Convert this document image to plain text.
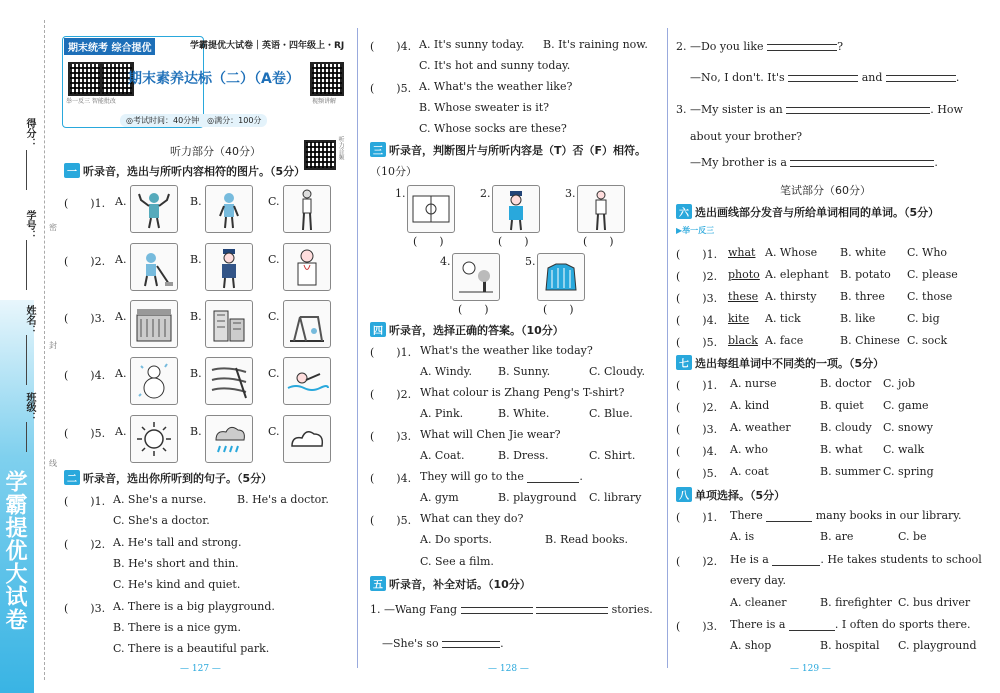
学霸提优大试卷
得分：
学号：
姓名：
班级：
密
封
线
期末统考 综合提优	学霸提优大试卷｜英语・四年级上・RJ
举一反三 智能批改
期末素养达标（二）（A卷）
视频讲解
◎考试时间：40分钟　◎满分：100分
听力音频
听力部分（40分）
一 听录音，选出与所听内容相符的图片。（5分）
(　　)1. A.	B.	C.
(　　)2. A.	B.	C.
(　　)3. A.	B.	C.
(　　)4. A.	B.	C.
(　　)5. A.	B.	C.
二 听录音，选出你所听到的句子。（5分）
(　　)1. A. She's a nurse.	B. He's a doctor.
C. She's a doctor.
(　　)2. A. He's tall and strong.
B. He's short and thin.
C. He's kind and quiet.
(　　)3. A. There is a big playground.
B. There is a nice gym.
C. There is a beautiful park.
— 127 —
(　　)4. A. It's sunny today. B. It's raining now.
C. It's hot and sunny today.
(　　)5. A. What's the weather like?
B. Whose sweater is it?
C. Whose socks are these?
三 听录音，判断图片与所听内容是（T）否（F）相符。
（10分）
1.
(　　)
2.
(　　)
3.
(　　)
4.
(　　)
5.
(　　)
四 听录音，选择正确的答案。（10分）
(　　)1. What's the weather like today?
A. Windy. B. Sunny.	C. Cloudy.
(　　)2. What colour is Zhang Peng's T-shirt?
A. Pink.	B. White.	C. Blue.
(　　)3. What will Chen Jie wear?
A. Coat.	B. Dress.	C. Shirt.
(　　)4. They will go to the	.
A. gym	B. playground C. library
(　　)5. What can they do?
A. Do sports.	B. Read books.
C. See a film.
五 听录音，补全对话。（10分）
1. —Wang Fang	stories.
—She's so	.
— 128 —
2. —Do you like	?
—No, I don't. It's	and	.
3. —My sister is an	. How
about your brother?
—My brother is a	.
笔试部分（60分）
六 选出画线部分发音与所给单词相同的单词。（5分）
▶举一反三
(　　)1. what A. Whose B. white C. Who
(　　)2. photo A. elephant B. potato C. please
(　　)3. these A. thirsty B. three C. those
(　　)4. kite A. tick	B. like	C. big
(　　)5. black A. face	B. Chinese C. sock
七 选出每组单词中不同类的一项。（5分）
(　　)1. A. nurse	B. doctor C. job
(　　)2. A. kind	B. quiet C. game
(　　)3. A. weather	B. cloudy C. snowy
(　　)4. A. who	B. what C. walk
(　　)5. A. coat	B. summer C. spring
八 单项选择。（5分）
(　　)1. There	many books in our library.
A. is	B. are	C. be
(　　)2. He is a	. He takes students to school
every day.
A. cleaner	B. firefighter C. bus driver
(　　)3. There is a	. I often do sports there.
A. shop	B. hospital C. playground
— 129 —
